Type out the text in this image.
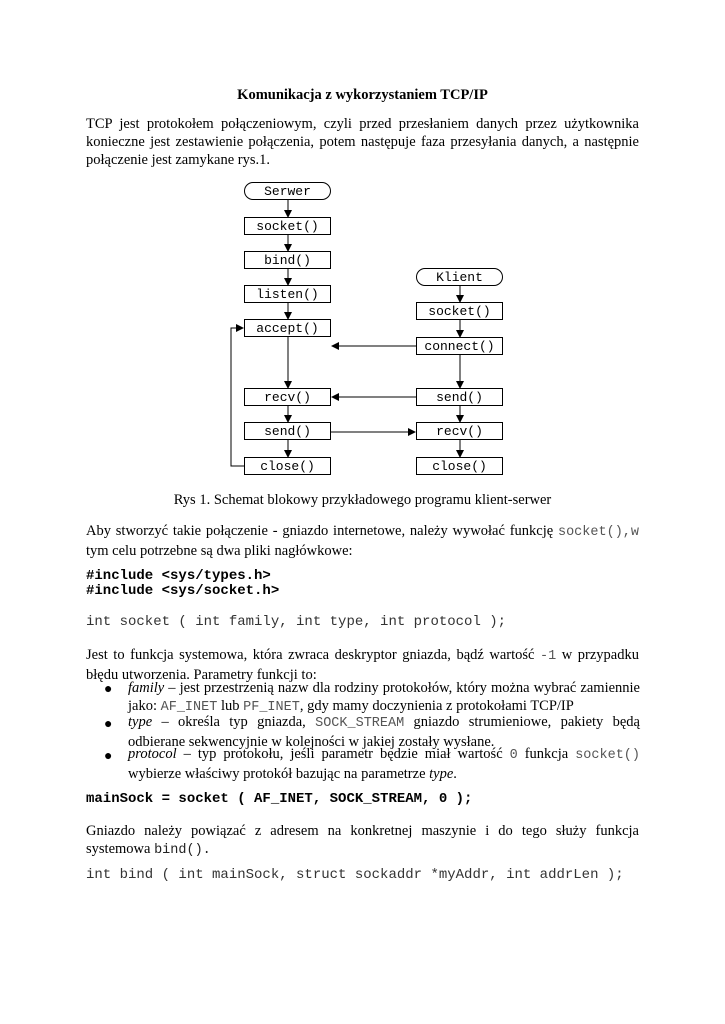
Komunikacja z wykorzystaniem TCP/IP
TCP jest protokołem połączeniowym, czyli przed przesłaniem danych przez użytkownika konieczne jest zestawienie połączenia, potem następuje faza przesyłania danych, a następnie połączenie jest zamykane rys.1.
Serwer
socket()
bind()
listen()
accept()
recv()
send()
close()
Klient
socket()
connect()
send()
recv()
close()
Rys 1. Schemat blokowy przykładowego programu klient-serwer
Aby stworzyć takie połączenie - gniazdo internetowe, należy wywołać funkcję socket(),w tym celu potrzebne są dwa pliki nagłówkowe:
#include <sys/types.h>
#include <sys/socket.h>
int socket ( int family, int type, int protocol );
Jest to funkcja systemowa, która zwraca deskryptor gniazda, bądź wartość -1 w przypadku błędu utworzenia. Parametry funkcji to:
● family – jest przestrzenią nazw dla rodziny protokołów, który można wybrać zamiennie jako: AF_INET lub PF_INET, gdy mamy doczynienia z protokołami TCP/IP
● type – określa typ gniazda, SOCK_STREAM gniazdo strumieniowe, pakiety będą odbierane sekwencyjnie w kolejności w jakiej zostały wysłane.
● protocol – typ protokołu, jeśli parametr będzie miał wartość 0 funkcja socket() wybierze właściwy protokół bazując na parametrze type.
mainSock = socket ( AF_INET, SOCK_STREAM, 0 );
Gniazdo należy powiązać z adresem na konkretnej maszynie i do tego służy funkcja systemowa bind().
int bind ( int mainSock, struct sockaddr *myAddr, int addrLen );
